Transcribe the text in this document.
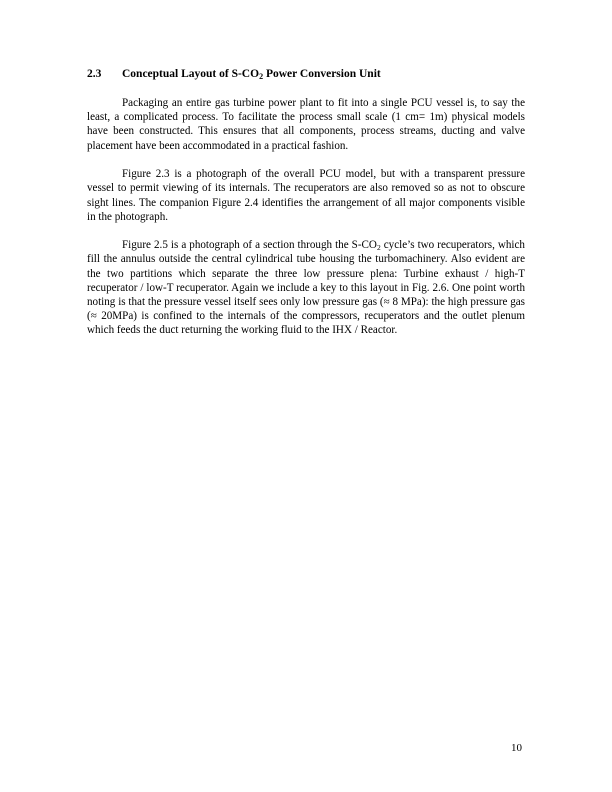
2.3 Conceptual Layout of $S-CO_2$ Power Conversion Unit

Packaging an entire gas turbine power plant to fit into a single PCU vessel is, to say the least, a complicated process. To facilitate the process small scale (1 cm= 1m) physical models have been constructed. This ensures that all components, process streams, ducting and valve placement have been accommodated in a practical fashion.

Figure 2.3 is a photograph of the overall PCU model, but with a transparent pressure vessel to permit viewing of its internals. The recuperators are also removed so as not to obscure sight lines. The companion Figure 2.4 identifies the arrangement of all major components visible in the photograph.

Figure 2.5 is a photograph of a section through the $S-CO_2$ cycle’s two recuperators, which fill the annulus outside the central cylindrical tube housing the turbomachinery. Also evident are the two partitions which separate the three low pressure plena: Turbine exhaust / high-T recuperator / low-T recuperator. Again we include a key to this layout in Fig. 2.6. One point worth noting is that the pressure vessel itself sees only low pressure gas (≈ 8 MPa): the high pressure gas (≈ 20MPa) is confined to the internals of the compressors, recuperators and the outlet plenum which feeds the duct returning the working fluid to the IHX / Reactor.

10
